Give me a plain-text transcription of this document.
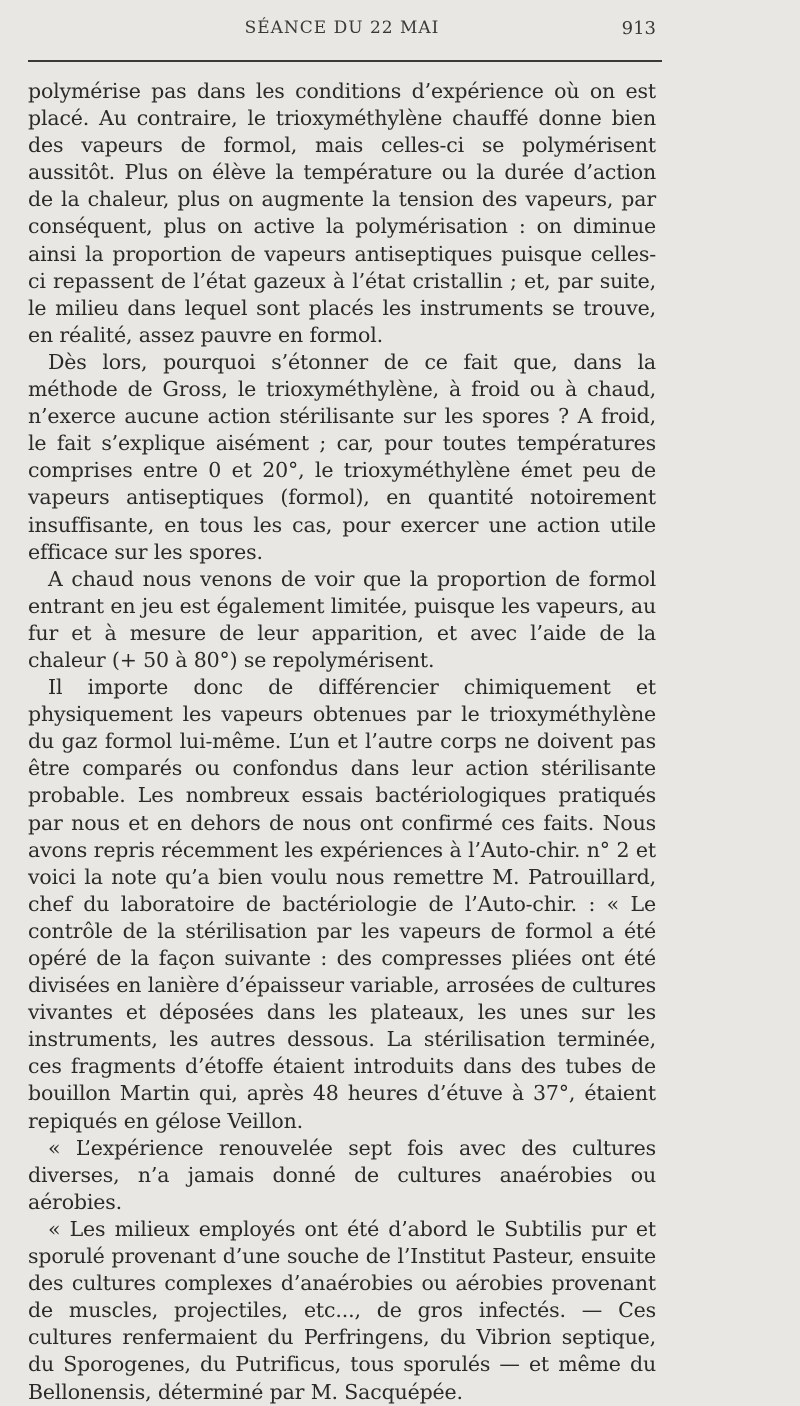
SÉANCE DU 22 MAI	913

polymérise pas dans les conditions d’expérience où on est placé. Au contraire, le trioxyméthylène chauffé donne bien des vapeurs de formol, mais celles-ci se polymérisent aussitôt. Plus on élève la température ou la durée d’action de la chaleur, plus on augmente la tension des vapeurs, par conséquent, plus on active la polymérisation : on diminue ainsi la proportion de vapeurs antiseptiques puisque celles-ci repassent de l’état gazeux à l’état cristallin ; et, par suite, le milieu dans lequel sont placés les instruments se trouve, en réalité, assez pauvre en formol.

Dès lors, pourquoi s’étonner de ce fait que, dans la méthode de Gross, le trioxyméthylène, à froid ou à chaud, n’exerce aucune action stérilisante sur les spores ? A froid, le fait s’explique aisément ; car, pour toutes températures comprises entre 0 et 20°, le trioxyméthylène émet peu de vapeurs antiseptiques (formol), en quantité notoirement insuffisante, en tous les cas, pour exercer une action utile efficace sur les spores.

A chaud nous venons de voir que la proportion de formol entrant en jeu est également limitée, puisque les vapeurs, au fur et à mesure de leur apparition, et avec l’aide de la chaleur (+ 50 à 80°) se repolymérisent.

Il importe donc de différencier chimiquement et physiquement les vapeurs obtenues par le trioxyméthylène du gaz formol lui-même. L’un et l’autre corps ne doivent pas être comparés ou confondus dans leur action stérilisante probable. Les nombreux essais bactériologiques pratiqués par nous et en dehors de nous ont confirmé ces faits. Nous avons repris récemment les expériences à l’Auto-chir. n° 2 et voici la note qu’a bien voulu nous remettre M. Patrouillard, chef du laboratoire de bactériologie de l’Auto-chir. : « Le contrôle de la stérilisation par les vapeurs de formol a été opéré de la façon suivante : des compresses pliées ont été divisées en lanière d’épaisseur variable, arrosées de cultures vivantes et déposées dans les plateaux, les unes sur les instruments, les autres dessous. La stérilisation terminée, ces fragments d’étoffe étaient introduits dans des tubes de bouillon Martin qui, après 48 heures d’étuve à 37°, étaient repiqués en gélose Veillon.

« L’expérience renouvelée sept fois avec des cultures diverses, n’a jamais donné de cultures anaérobies ou aérobies.

« Les milieux employés ont été d’abord le Subtilis pur et sporulé provenant d’une souche de l’Institut Pasteur, ensuite des cultures complexes d’anaérobies ou aérobies provenant de muscles, projectiles, etc..., de gros infectés. — Ces cultures renfermaient du Perfringens, du Vibrion septique, du Sporogenes, du Putrificus, tous sporulés — et même du Bellonensis, déterminé par M. Sacquépée.
